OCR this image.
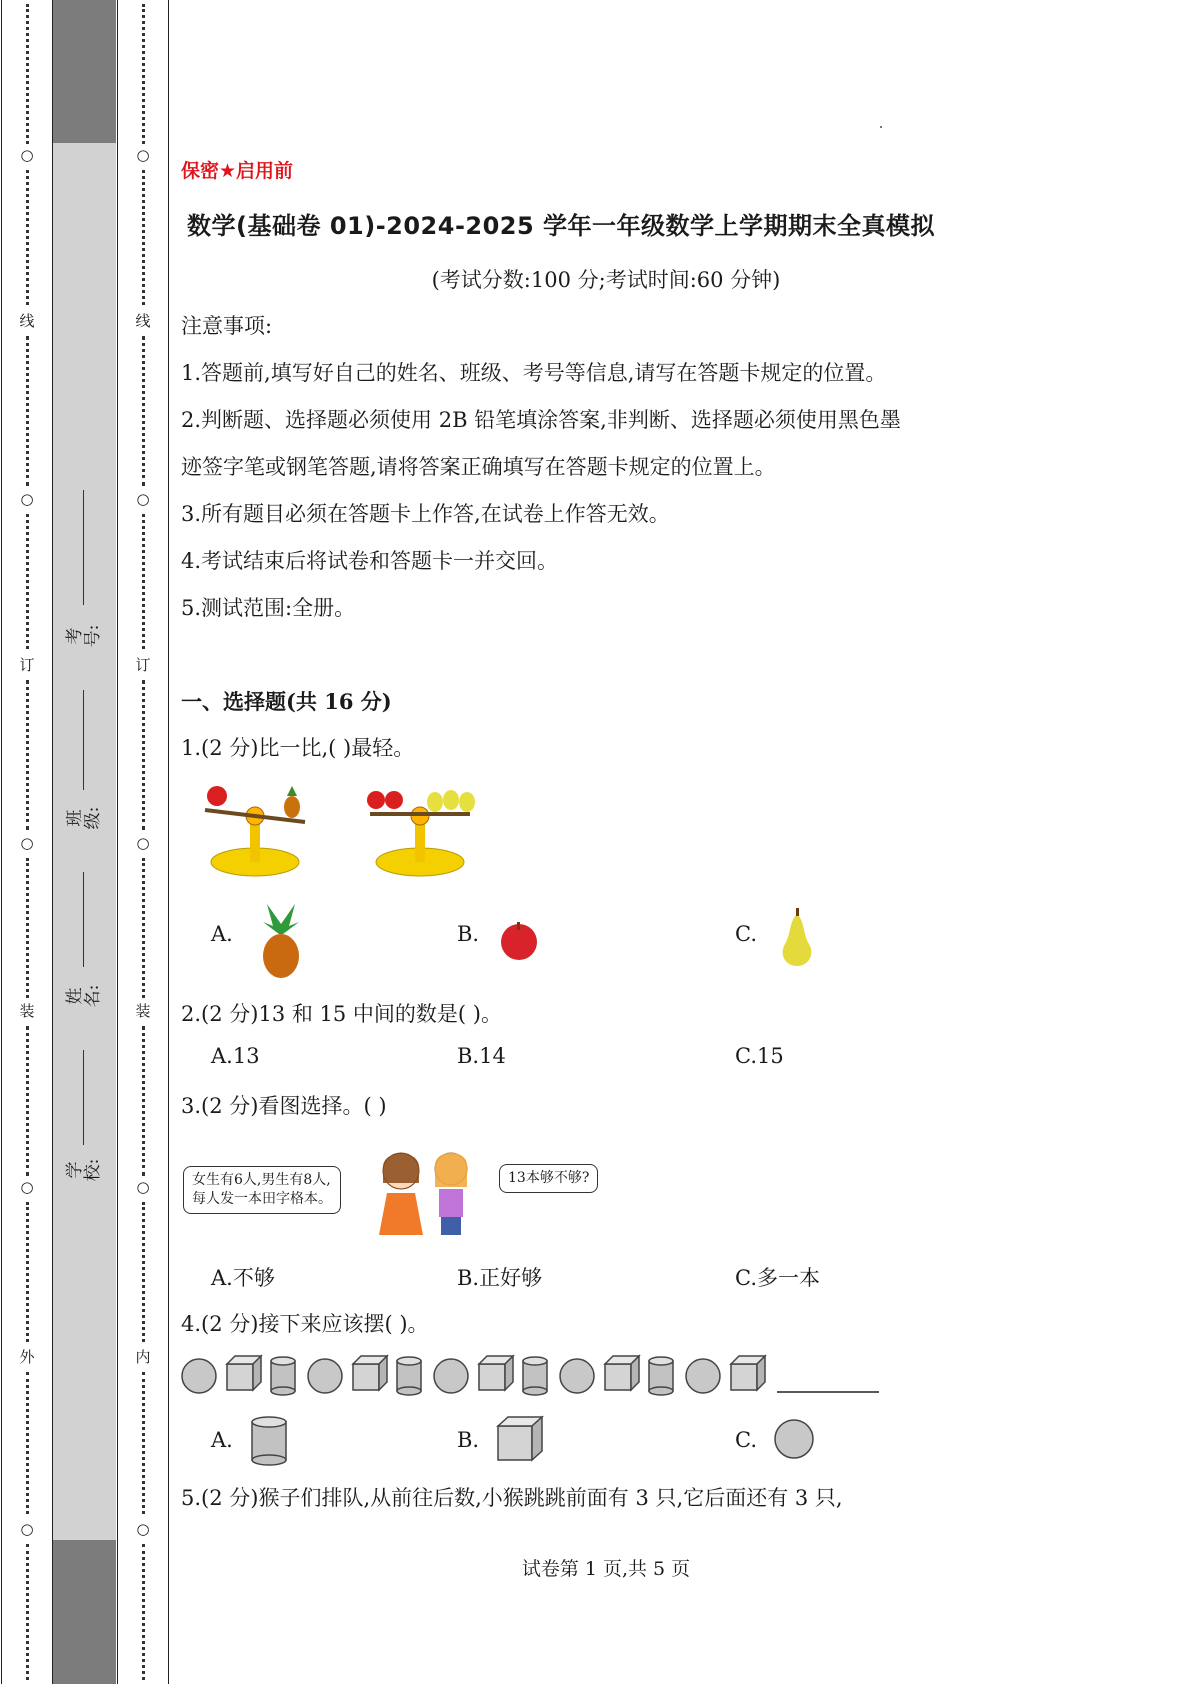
○
线
○
订
○
装
○
外
○
○
线
○
订
○
装
○
内
○
考号:
班级:
姓名:
学校:
保密★启用前
数学(基础卷 01)-2024-2025 学年一年级数学上学期期末全真模拟
(考试分数:100 分;考试时间:60 分钟)
注意事项:
1.答题前,填写好自己的姓名、班级、考号等信息,请写在答题卡规定的位置。
2.判断题、选择题必须使用 2B 铅笔填涂答案,非判断、选择题必须使用黑色墨
迹签字笔或钢笔答题,请将答案正确填写在答题卡规定的位置上。
3.所有题目必须在答题卡上作答,在试卷上作答无效。
4.考试结束后将试卷和答题卡一并交回。
5.测试范围:全册。
一、选择题(共 16 分)
1.(2 分)比一比,( )最轻。
A.	B.	C.
2.(2 分)13 和 15 中间的数是( )。
A.13	B.14	C.15
3.(2 分)看图选择。( )
女生有6人,男生有8人,
每人发一本田字格本。
13本够不够?
A.不够	B.正好够	C.多一本
4.(2 分)接下来应该摆( )。
A.	B.	C.
5.(2 分)猴子们排队,从前往后数,小猴跳跳前面有 3 只,它后面还有 3 只,
试卷第 1 页,共 5 页
